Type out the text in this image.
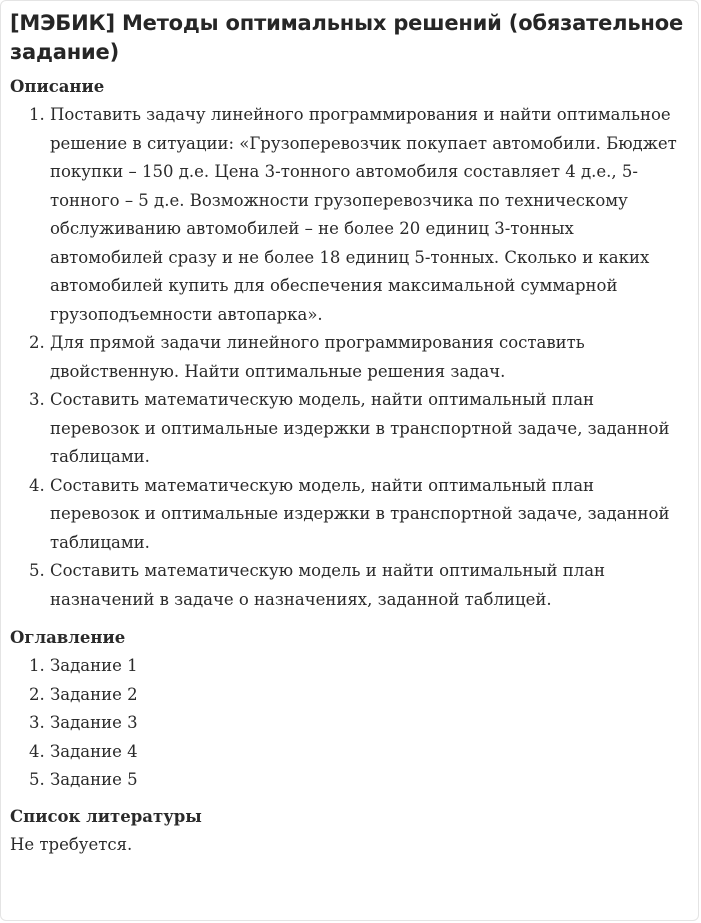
[МЭБИК] Методы оптимальных решений (обязательное задание)
Описание
1. Поставить задачу линейного программирования и найти оптимальное решение в ситуации: «Грузоперевозчик покупает автомобили. Бюджет покупки – 150 д.е. Цена 3-тонного автомобиля составляет 4 д.е., 5-тонного – 5 д.е. Возможности грузоперевозчика по техническому обслуживанию автомобилей – не более 20 единиц 3-тонных автомобилей сразу и не более 18 единиц 5-тонных. Сколько и каких автомобилей купить для обеспечения максимальной суммарной грузоподъемности автопарка».
2. Для прямой задачи линейного программирования составить двойственную. Найти оптимальные решения задач.
3. Составить математическую модель, найти оптимальный план перевозок и оптимальные издержки в транспортной задаче, заданной таблицами.
4. Составить математическую модель, найти оптимальный план перевозок и оптимальные издержки в транспортной задаче, заданной таблицами.
5. Составить математическую модель и найти оптимальный план назначений в задаче о назначениях, заданной таблицей.
Оглавление
1. Задание 1
2. Задание 2
3. Задание 3
4. Задание 4
5. Задание 5
Список литературы

Не требуется.
